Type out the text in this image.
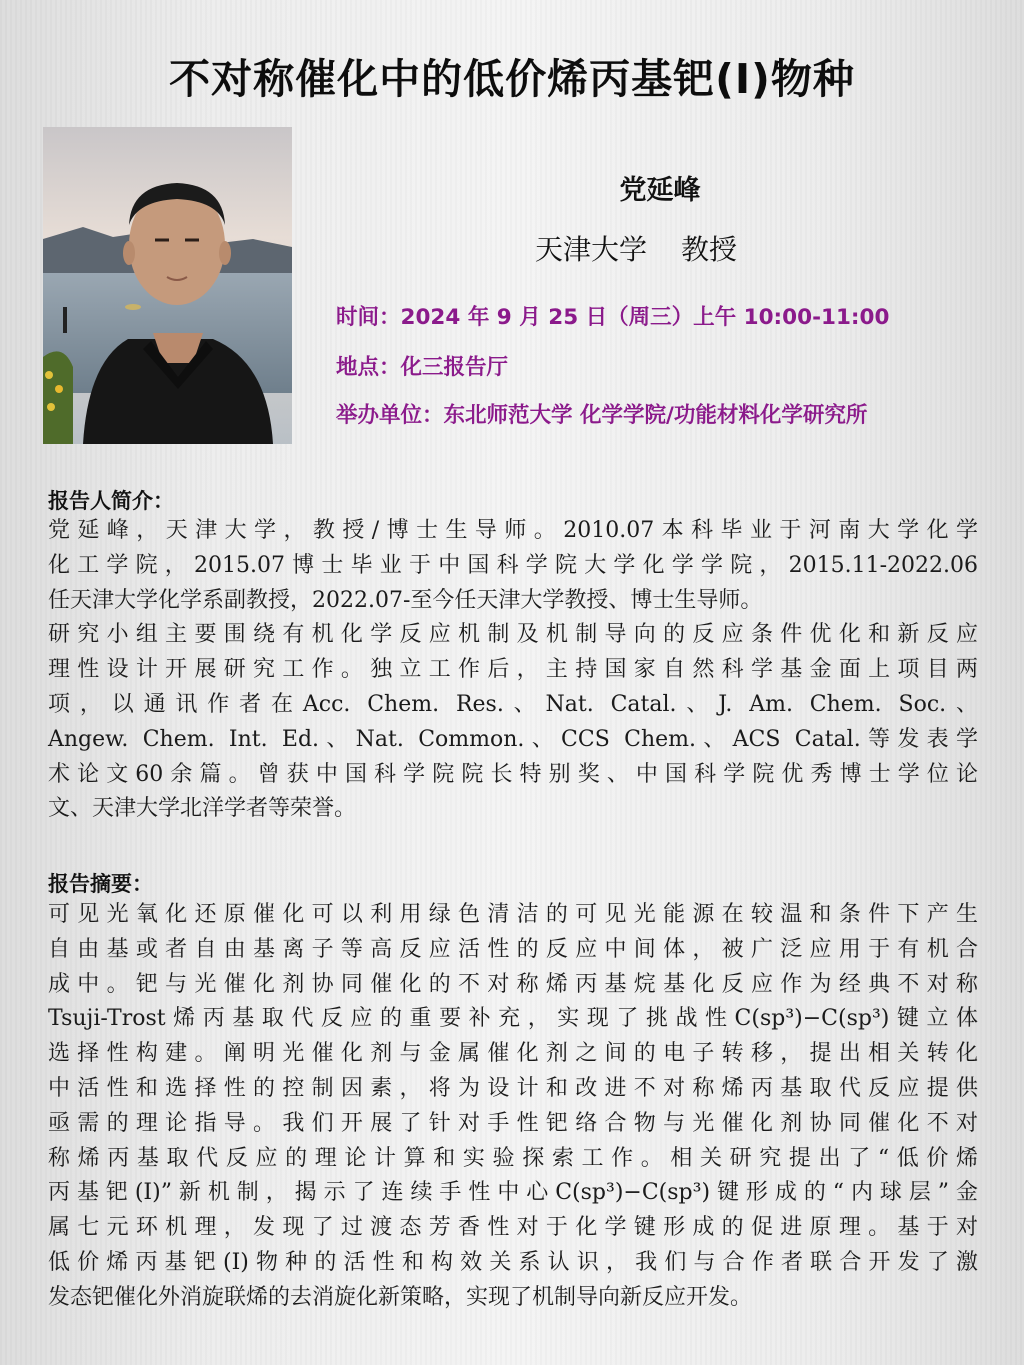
不对称催化中的低价烯丙基钯(I)物种
党延峰
天津大学 教授
时间：2024 年 9 月 25 日（周三）上午 10:00-11:00
地点：化三报告厅
举办单位：东北师范大学 化学学院/功能材料化学研究所
报告人简介：
党延峰，天津大学，教授/博士生导师。2010.07本科毕业于河南大学化学
化工学院，2015.07博士毕业于中国科学院大学化学学院，2015.11-2022.06
任天津大学化学系副教授，2022.07-至今任天津大学教授、博士生导师。
研究小组主要围绕有机化学反应机制及机制导向的反应条件优化和新反应
理性设计开展研究工作。独立工作后，主持国家自然科学基金面上项目两
项，以通讯作者在Acc. Chem. Res.、Nat. Catal.、J. Am. Chem. Soc.、
Angew. Chem. Int. Ed.、Nat. Common.、CCS Chem.、ACS Catal.等发表学
术论文60余篇。曾获中国科学院院长特别奖、中国科学院优秀博士学位论
文、天津大学北洋学者等荣誉。
报告摘要：
可见光氧化还原催化可以利用绿色清洁的可见光能源在较温和条件下产生
自由基或者自由基离子等高反应活性的反应中间体，被广泛应用于有机合
成中。钯与光催化剂协同催化的不对称烯丙基烷基化反应作为经典不对称
Tsuji-Trost烯丙基取代反应的重要补充，实现了挑战性C(sp³)−C(sp³)键立体
选择性构建。阐明光催化剂与金属催化剂之间的电子转移，提出相关转化
中活性和选择性的控制因素，将为设计和改进不对称烯丙基取代反应提供
亟需的理论指导。我们开展了针对手性钯络合物与光催化剂协同催化不对
称烯丙基取代反应的理论计算和实验探索工作。相关研究提出了“低价烯
丙基钯(I)”新机制，揭示了连续手性中心C(sp³)−C(sp³)键形成的“内球层”金
属七元环机理，发现了过渡态芳香性对于化学键形成的促进原理。基于对
低价烯丙基钯(I)物种的活性和构效关系认识，我们与合作者联合开发了激
发态钯催化外消旋联烯的去消旋化新策略，实现了机制导向新反应开发。
